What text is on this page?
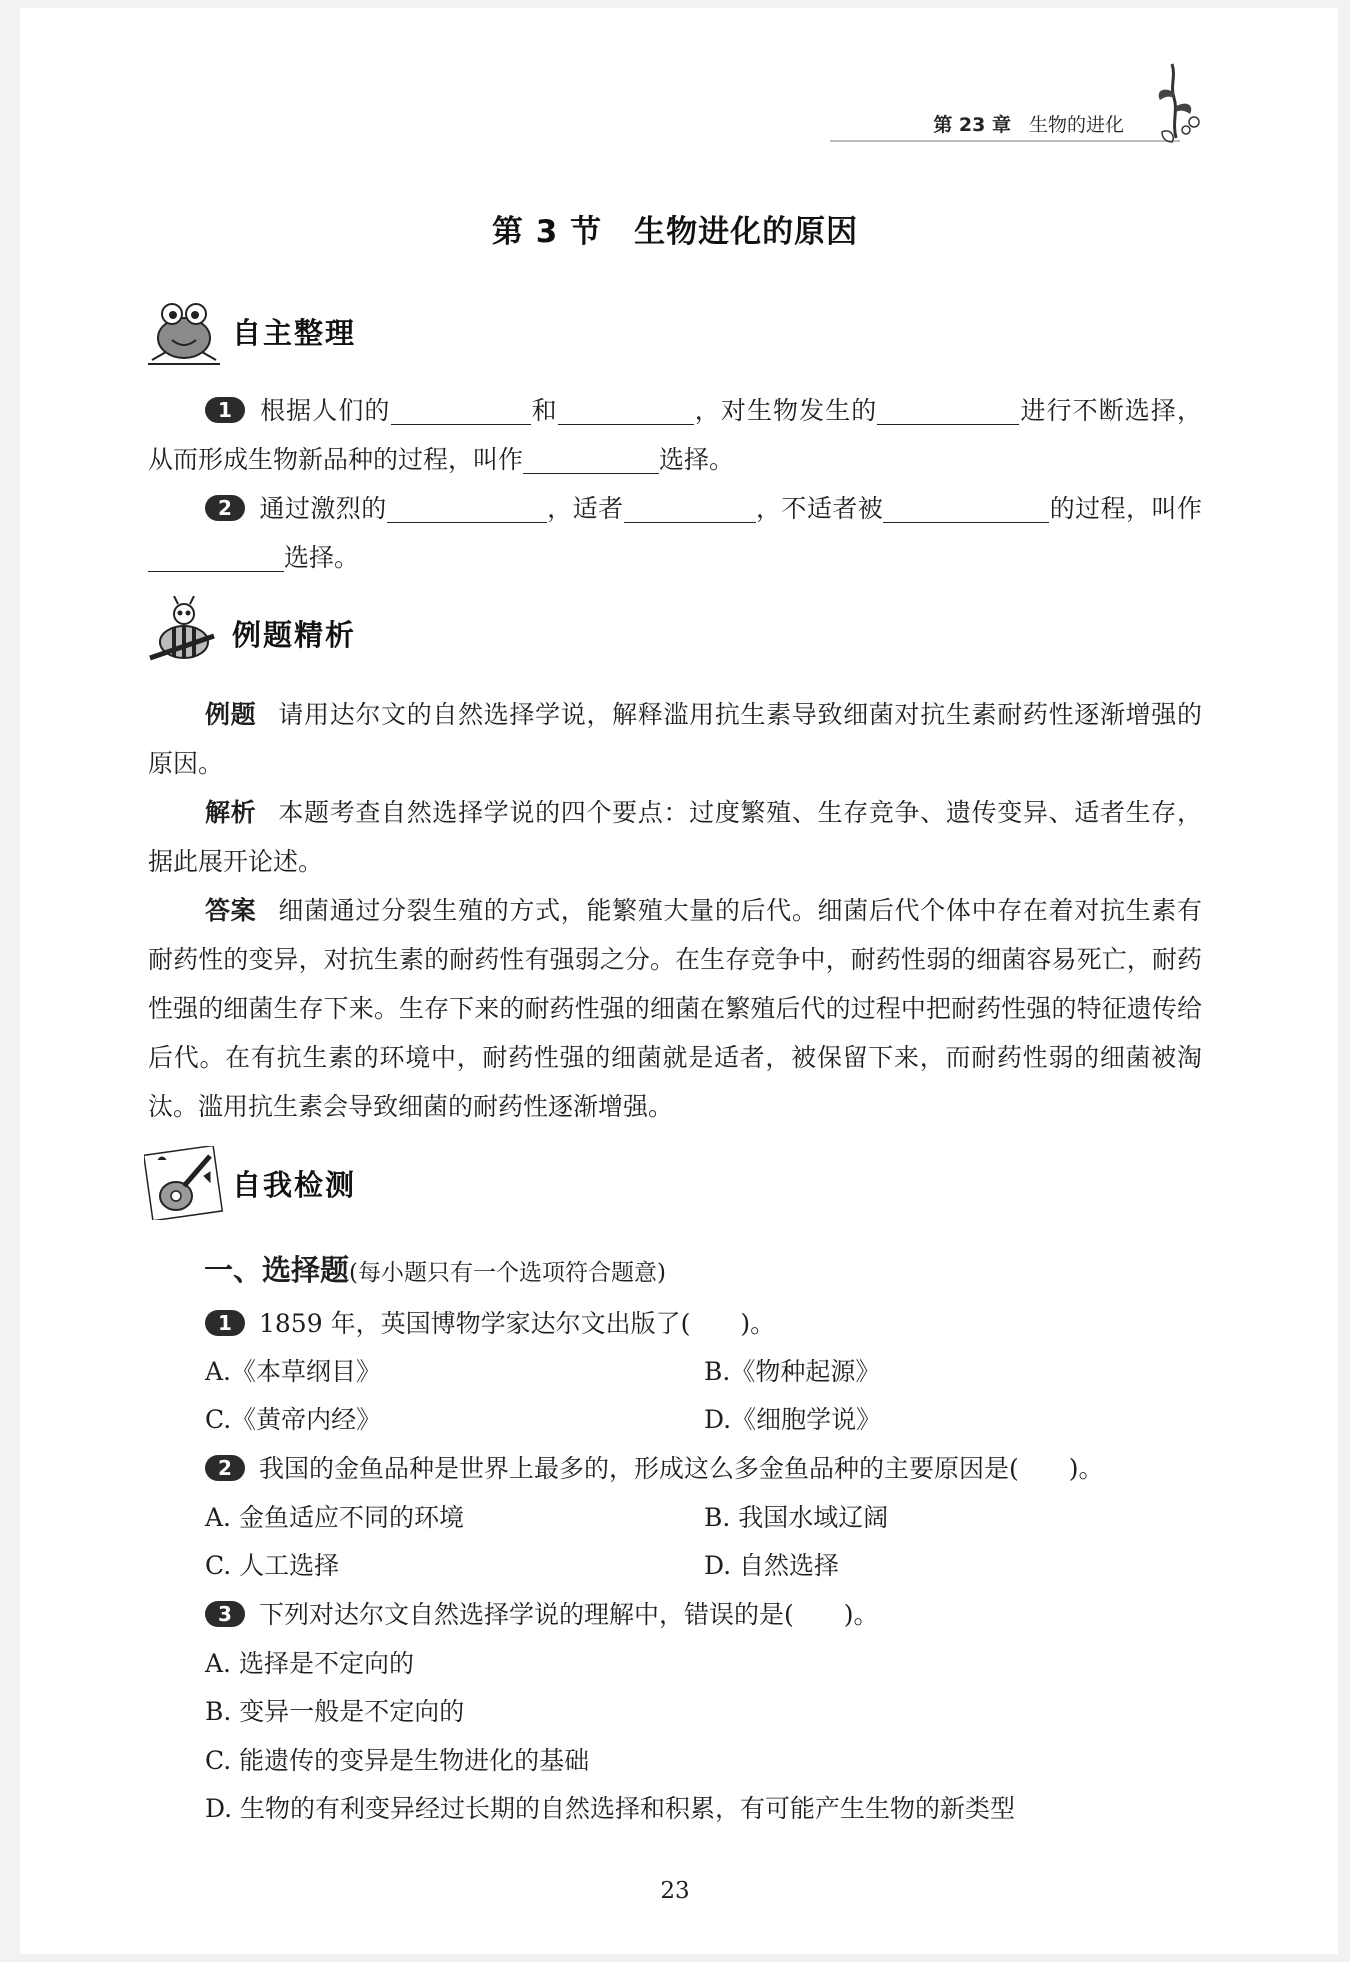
第 23 章 生物的进化
第 3 节　生物进化的原因
自主整理
1 根据人们的	和	，对生物发生的	进行不断选择，从而形成生物新品种的过程，叫作	选择。
2 通过激烈的	，适者	，不适者被	的过程，叫作选择。
例题精析
例题 请用达尔文的自然选择学说，解释滥用抗生素导致细菌对抗生素耐药性逐渐增强的原因。
解析 本题考查自然选择学说的四个要点：过度繁殖、生存竞争、遗传变异、适者生存，据此展开论述。
答案 细菌通过分裂生殖的方式，能繁殖大量的后代。细菌后代个体中存在着对抗生素有耐药性的变异，对抗生素的耐药性有强弱之分。在生存竞争中，耐药性弱的细菌容易死亡，耐药性强的细菌生存下来。生存下来的耐药性强的细菌在繁殖后代的过程中把耐药性强的特征遗传给后代。在有抗生素的环境中，耐药性强的细菌就是适者，被保留下来，而耐药性弱的细菌被淘汰。滥用抗生素会导致细菌的耐药性逐渐增强。
自我检测
一、选择题(每小题只有一个选项符合题意)
1 1859 年，英国博物学家达尔文出版了(　　)。
A.《本草纲目》	B.《物种起源》
C.《黄帝内经》	D.《细胞学说》
2 我国的金鱼品种是世界上最多的，形成这么多金鱼品种的主要原因是(　　)。
A. 金鱼适应不同的环境	B. 我国水域辽阔
C. 人工选择	D. 自然选择
3 下列对达尔文自然选择学说的理解中，错误的是(　　)。
A. 选择是不定向的
B. 变异一般是不定向的
C. 能遗传的变异是生物进化的基础
D. 生物的有利变异经过长期的自然选择和积累，有可能产生生物的新类型
23
